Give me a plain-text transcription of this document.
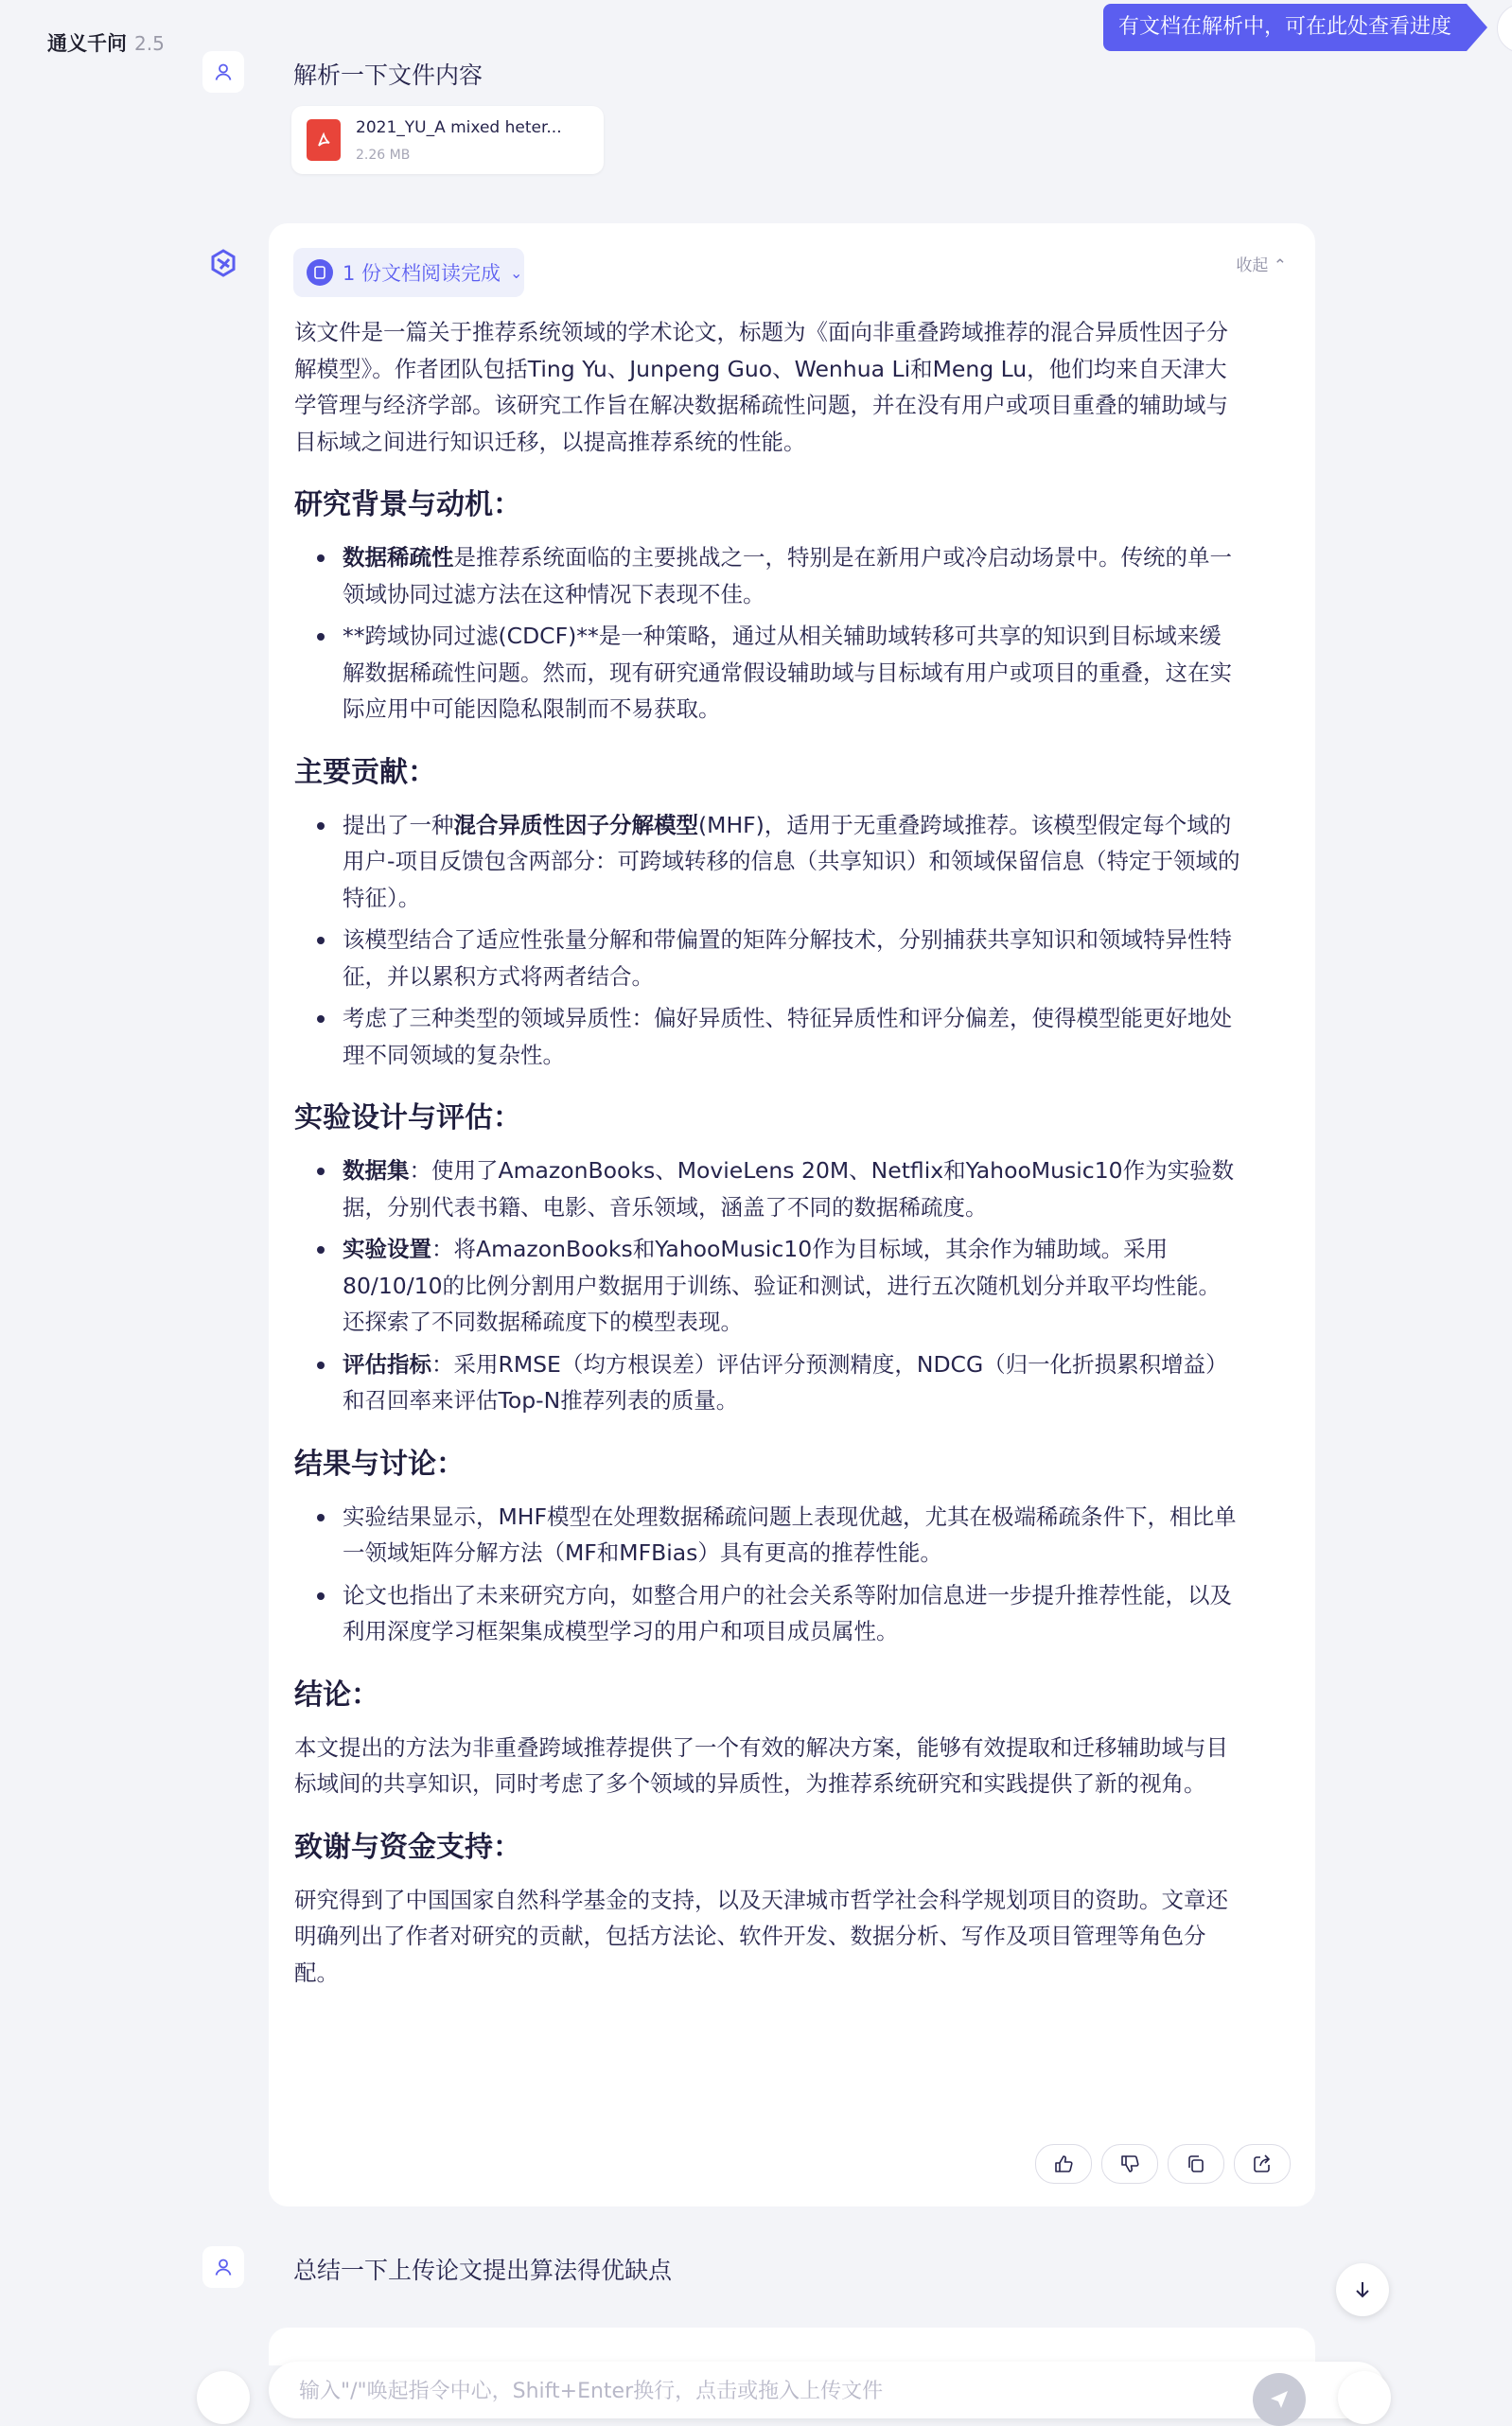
通义千问 2.5
有文档在解析中，可在此处查看进度
解析一下文件内容
2021_YU_A mixed heter...
2.26 MB
1 份文档阅读完成 ⌄	收起 ⌃

该文件是一篇关于推荐系统领域的学术论文，标题为《面向非重叠跨域推荐的混合异质性因子分解模型》。作者团队包括Ting Yu、Junpeng Guo、Wenhua Li和Meng Lu，他们均来自天津大学管理与经济学部。该研究工作旨在解决数据稀疏性问题，并在没有用户或项目重叠的辅助域与目标域之间进行知识迁移，以提高推荐系统的性能。

研究背景与动机：
数据稀疏性是推荐系统面临的主要挑战之一，特别是在新用户或冷启动场景中。传统的单一领域协同过滤方法在这种情况下表现不佳。
**跨域协同过滤(CDCF)**是一种策略，通过从相关辅助域转移可共享的知识到目标域来缓解数据稀疏性问题。然而，现有研究通常假设辅助域与目标域有用户或项目的重叠，这在实际应用中可能因隐私限制而不易获取。
主要贡献：
提出了一种混合异质性因子分解模型(MHF)，适用于无重叠跨域推荐。该模型假定每个域的用户-项目反馈包含两部分：可跨域转移的信息（共享知识）和领域保留信息（特定于领域的特征）。
该模型结合了适应性张量分解和带偏置的矩阵分解技术，分别捕获共享知识和领域特异性特征，并以累积方式将两者结合。
考虑了三种类型的领域异质性：偏好异质性、特征异质性和评分偏差，使得模型能更好地处理不同领域的复杂性。
实验设计与评估：
数据集：使用了AmazonBooks、MovieLens 20M、Netflix和YahooMusic10作为实验数据，分别代表书籍、电影、音乐领域，涵盖了不同的数据稀疏度。
实验设置：将AmazonBooks和YahooMusic10作为目标域，其余作为辅助域。采用80/10/10的比例分割用户数据用于训练、验证和测试，进行五次随机划分并取平均性能。还探索了不同数据稀疏度下的模型表现。
评估指标：采用RMSE（均方根误差）评估评分预测精度，NDCG（归一化折损累积增益）和召回率来评估Top-N推荐列表的质量。
结果与讨论：
实验结果显示，MHF模型在处理数据稀疏问题上表现优越，尤其在极端稀疏条件下，相比单一领域矩阵分解方法（MF和MFBias）具有更高的推荐性能。
论文也指出了未来研究方向，如整合用户的社会关系等附加信息进一步提升推荐性能，以及利用深度学习框架集成模型学习的用户和项目成员属性。
结论：

本文提出的方法为非重叠跨域推荐提供了一个有效的解决方案，能够有效提取和迁移辅助域与目标域间的共享知识，同时考虑了多个领域的异质性，为推荐系统研究和实践提供了新的视角。

致谢与资金支持：

研究得到了中国国家自然科学基金的支持，以及天津城市哲学社会科学规划项目的资助。文章还明确列出了作者对研究的贡献，包括方法论、软件开发、数据分析、写作及项目管理等角色分配。

总结一下上传论文提出算法得优缺点
输入"/"唤起指令中心，Shift+Enter换行，点击或拖入上传文件
